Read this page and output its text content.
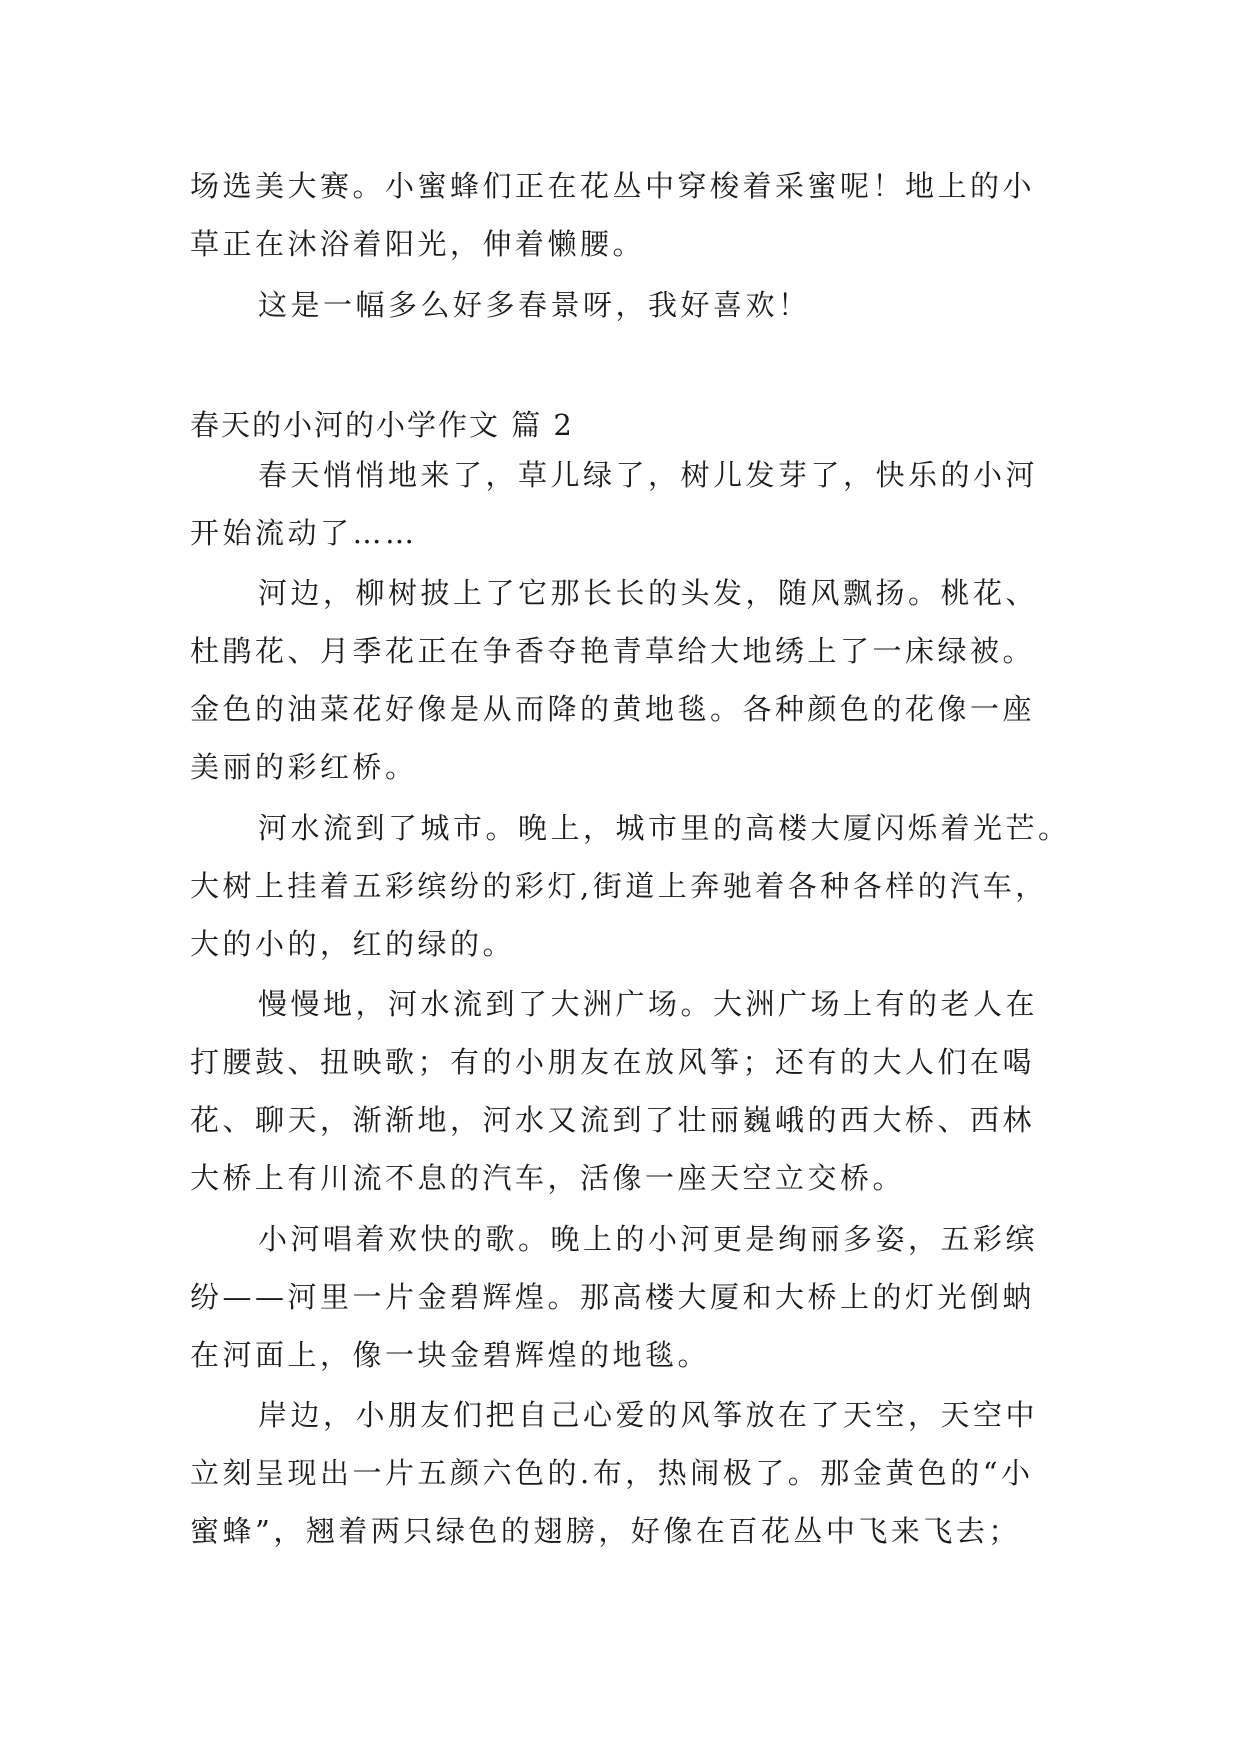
场选美大赛。小蜜蜂们正在花丛中穿梭着采蜜呢！地上的小
草正在沐浴着阳光，伸着懒腰。
这是一幅多么好多春景呀，我好喜欢！
春天的小河的小学作文 篇 2
春天悄悄地来了，草儿绿了，树儿发芽了，快乐的小河
开始流动了……
河边，柳树披上了它那长长的头发，随风飘扬。桃花、
杜鹃花、月季花正在争香夺艳青草给大地绣上了一床绿被。
金色的油菜花好像是从而降的黄地毯。各种颜色的花像一座
美丽的彩红桥。
河水流到了城市。晚上，城市里的高楼大厦闪烁着光芒。
大树上挂着五彩缤纷的彩灯,街道上奔驰着各种各样的汽车，
大的小的，红的绿的。
慢慢地，河水流到了大洲广场。大洲广场上有的老人在
打腰鼓、扭映歌；有的小朋友在放风筝；还有的大人们在喝
花、聊天，渐渐地，河水又流到了壮丽巍峨的西大桥、西林
大桥上有川流不息的汽车，活像一座天空立交桥。
小河唱着欢快的歌。晚上的小河更是绚丽多姿，五彩缤
纷——河里一片金碧辉煌。那高楼大厦和大桥上的灯光倒蚋
在河面上，像一块金碧辉煌的地毯。
岸边，小朋友们把自己心爱的风筝放在了天空，天空中
立刻呈现出一片五颜六色的.布，热闹极了。那金黄色的“小
蜜蜂”，翘着两只绿色的翅膀，好像在百花丛中飞来飞去；
